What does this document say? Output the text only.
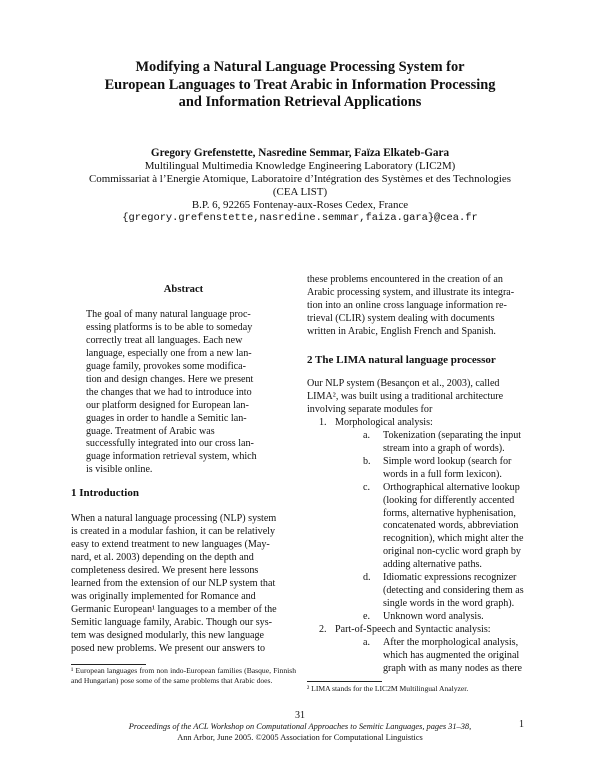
Modifying a Natural Language Processing System for
European Languages to Treat Arabic in Information Processing
and Information Retrieval Applications
Gregory Grefenstette, Nasredine Semmar, Faïza Elkateb-Gara
Multilingual Multimedia Knowledge Engineering Laboratory (LIC2M)
Commissariat à l’Energie Atomique, Laboratoire d’Intégration des Systèmes et des Technologies
(CEA LIST)
B.P. 6, 92265 Fontenay-aux-Roses Cedex, France
{gregory.grefenstette,nasredine.semmar,faiza.gara}@cea.fr
Abstract

The goal of many natural language proc-
essing platforms is to be able to someday
correctly treat all languages. Each new
language, especially one from a new lan-
guage family, provokes some modifica-
tion and design changes. Here we present
the changes that we had to introduce into
our platform designed for European lan-
guages in order to handle a Semitic lan-
guage. Treatment of Arabic was
successfully integrated into our cross lan-
guage information retrieval system, which
is visible online.

1 Introduction

When a natural language processing (NLP) system
is created in a modular fashion, it can be relatively
easy to extend treatment to new languages (May-
nard, et al. 2003) depending on the depth and
completeness desired. We present here lessons
learned from the extension of our NLP system that
was originally implemented for Romance and
Germanic European¹ languages to a member of the
Semitic language family, Arabic. Though our sys-
tem was designed modularly, this new language
posed new problems. We present our answers to

¹ European languages from non indo-European families (Basque, Finnish and Hungarian) pose some of the same problems that Arabic does.

these problems encountered in the creation of an
Arabic processing system, and illustrate its integra-
tion into an online cross language information re-
trieval (CLIR) system dealing with documents
written in Arabic, English French and Spanish.

2 The LIMA natural language processor

Our NLP system (Besançon et al., 2003), called
LIMA², was built using a traditional architecture
involving separate modules for

1. Morphological analysis:
a. Tokenization (separating the input
stream into a graph of words).
b. Simple word lookup (search for
words in a full form lexicon).
c. Orthographical alternative lookup
(looking for differently accented
forms, alternative hyphenisation,
concatenated words, abbreviation
recognition), which might alter the
original non-cyclic word graph by
adding alternative paths.
d. Idiomatic expressions recognizer
(detecting and considering them as
single words in the word graph).
e. Unknown word analysis.
2. Part-of-Speech and Syntactic analysis:
a. After the morphological analysis,
which has augmented the original
graph with as many nodes as there
² LIMA stands for the LIC2M Multilingual Analyzer.
31
Proceedings of the ACL Workshop on Computational Approaches to Semitic Languages, pages 31–38,
Ann Arbor, June 2005. ©2005 Association for Computational Linguistics
1
